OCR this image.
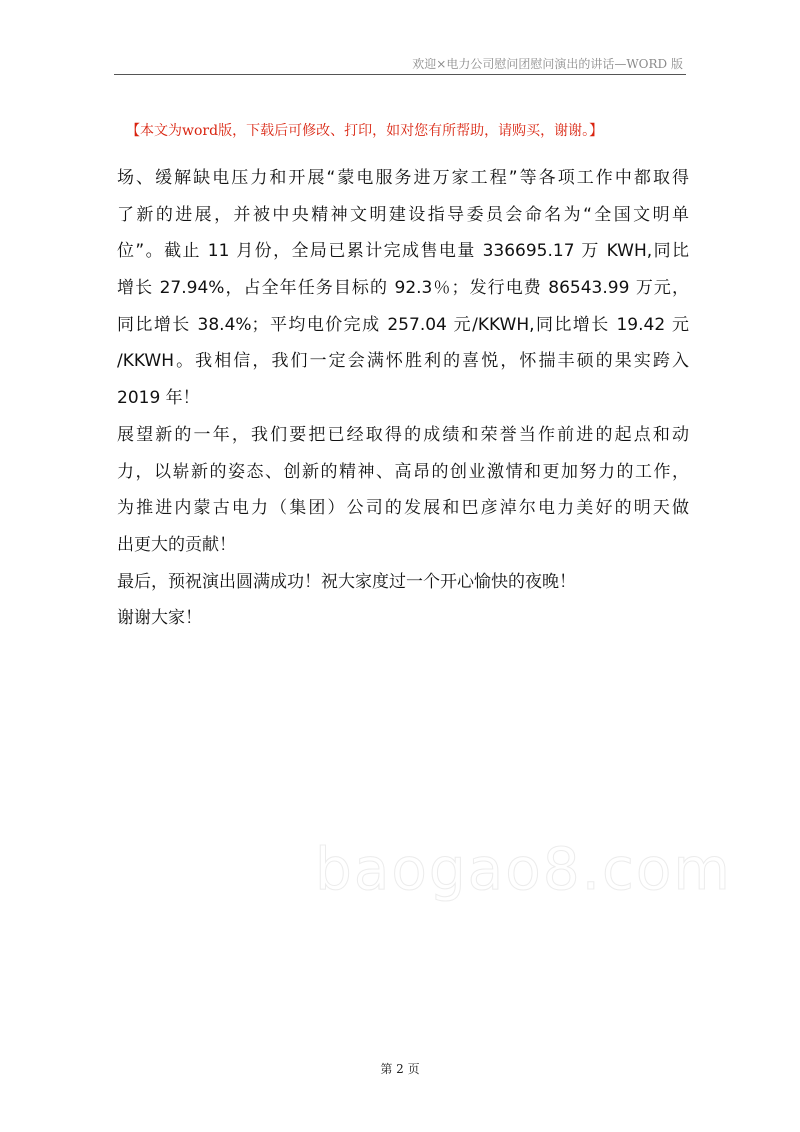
欢迎×电力公司慰问团慰问演出的讲话—WORD 版
【本文为word版，下载后可修改、打印，如对您有所帮助，请购买，谢谢。】
场、缓解缺电压力和开展“蒙电服务进万家工程”等各项工作中都取得
了新的进展，并被中央精神文明建设指导委员会命名为“全国文明单
位”。截止 11 月份，全局已累计完成售电量 336695.17 万 KWH,同比
增长 27.94%，占全年任务目标的 92.3％；发行电费 86543.99 万元，
同比增长 38.4%；平均电价完成 257.04 元/KKWH,同比增长 19.42 元
/KKWH。我相信，我们一定会满怀胜利的喜悦，怀揣丰硕的果实跨入
2019 年！
展望新的一年，我们要把已经取得的成绩和荣誉当作前进的起点和动
力，以崭新的姿态、创新的精神、高昂的创业激情和更加努力的工作，
为推进内蒙古电力（集团）公司的发展和巴彦淖尔电力美好的明天做
出更大的贡献！
最后，预祝演出圆满成功！祝大家度过一个开心愉快的夜晚！
谢谢大家！
baogao8.com
第 2 页
